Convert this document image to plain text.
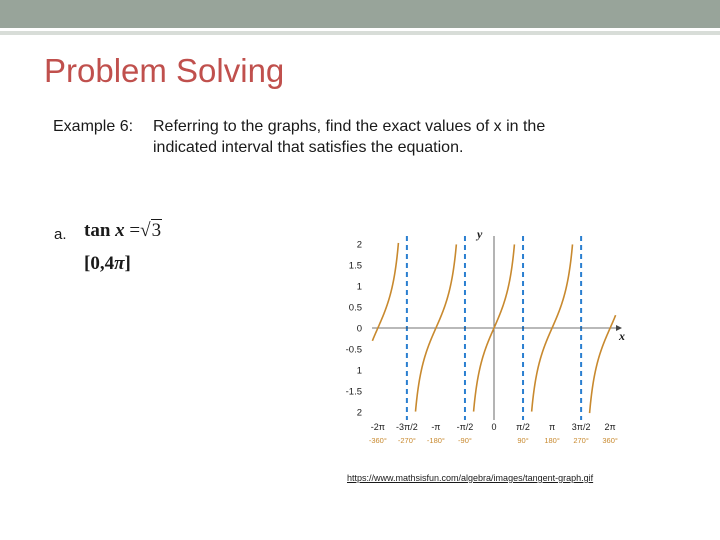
Problem Solving
Example 6: Referring to the graphs, find the exact values of x in the
indicated interval that satisfies the equation.
a. tan x =√3
[0,4π]
2
1.5
1
0.5
0
-0.5
1
-1.5
2
-2π
-360°
-3π/2
-270°
-π
-180°
-π/2
-90°
0 π/2
90°
π
180°
3π/2
270°
2π
360°
y
x
https://www.mathsisfun.com/algebra/images/tangent-graph.gif
